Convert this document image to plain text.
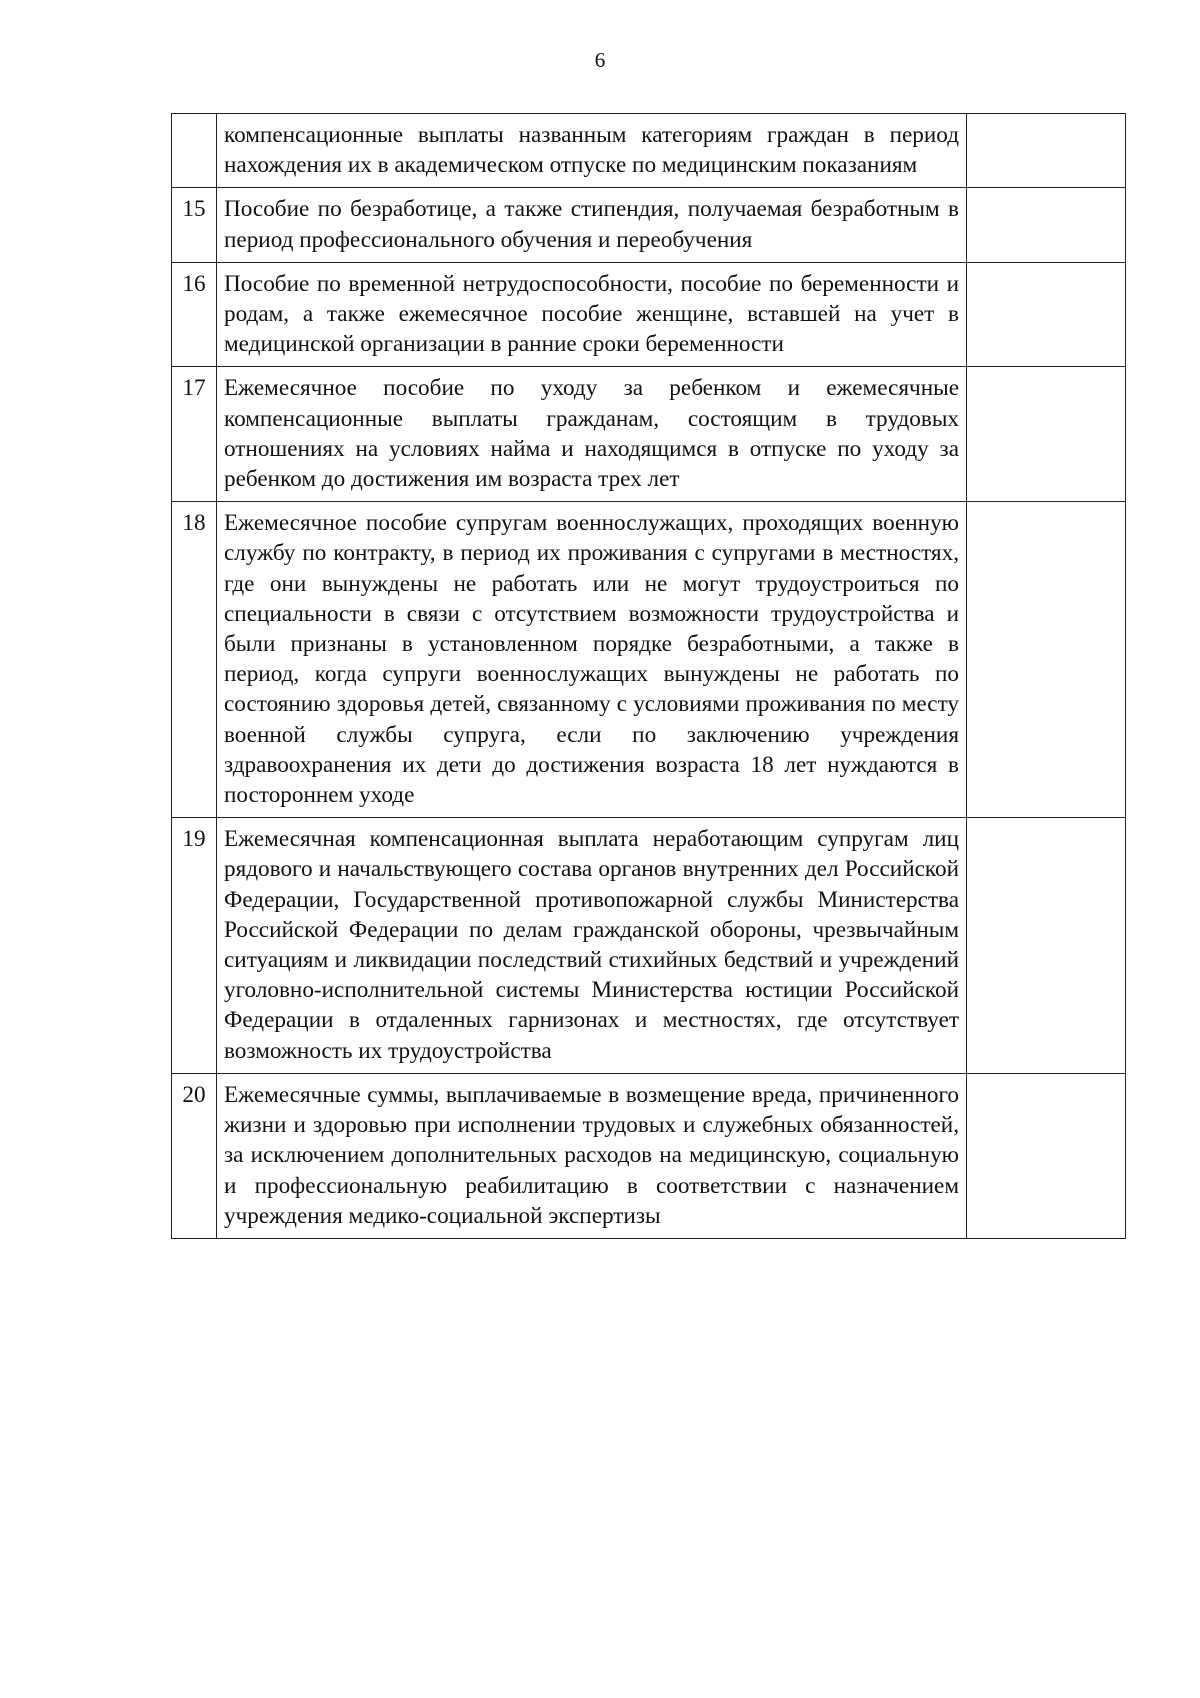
6
	компенсационные выплаты названным категориям граждан в период нахождения их в академическом отпуске по медицинским показаниям	
15	Пособие по безработице, а также стипендия, получаемая безработным в период профессионального обучения и переобучения	
16	Пособие по временной нетрудоспособности, пособие по беременности и родам, а также ежемесячное пособие женщине, вставшей на учет в медицинской организации в ранние сроки беременности	
17	Ежемесячное пособие по уходу за ребенком и ежемесячные компенсационные выплаты гражданам, состоящим в трудовых отношениях на условиях найма и находящимся в отпуске по уходу за ребенком до достижения им возраста трех лет	
18	Ежемесячное пособие супругам военнослужащих, проходящих военную службу по контракту, в период их проживания с супругами в местностях, где они вынуждены не работать или не могут трудоустроиться по специальности в связи с отсутствием возможности трудоустройства и были признаны в установленном порядке безработными, а также в период, когда супруги военнослужащих вынуждены не работать по состоянию здоровья детей, связанному с условиями проживания по месту военной службы супруга, если по заключению учреждения здравоохранения их дети до достижения возраста 18 лет нуждаются в постороннем уходе	
19	Ежемесячная компенсационная выплата неработающим супругам лиц рядового и начальствующего состава органов внутренних дел Российской Федерации, Государственной противопожарной службы Министерства Российской Федерации по делам гражданской обороны, чрезвычайным ситуациям и ликвидации последствий стихийных бедствий и учреждений уголовно-исполнительной системы Министерства юстиции Российской Федерации в отдаленных гарнизонах и местностях, где отсутствует возможность их трудоустройства	
20	Ежемесячные суммы, выплачиваемые в возмещение вреда, причиненного жизни и здоровью при исполнении трудовых и служебных обязанностей, за исключением дополнительных расходов на медицинскую, социальную и профессиональную реабилитацию в соответствии с назначением учреждения медико-социальной экспертизы	
